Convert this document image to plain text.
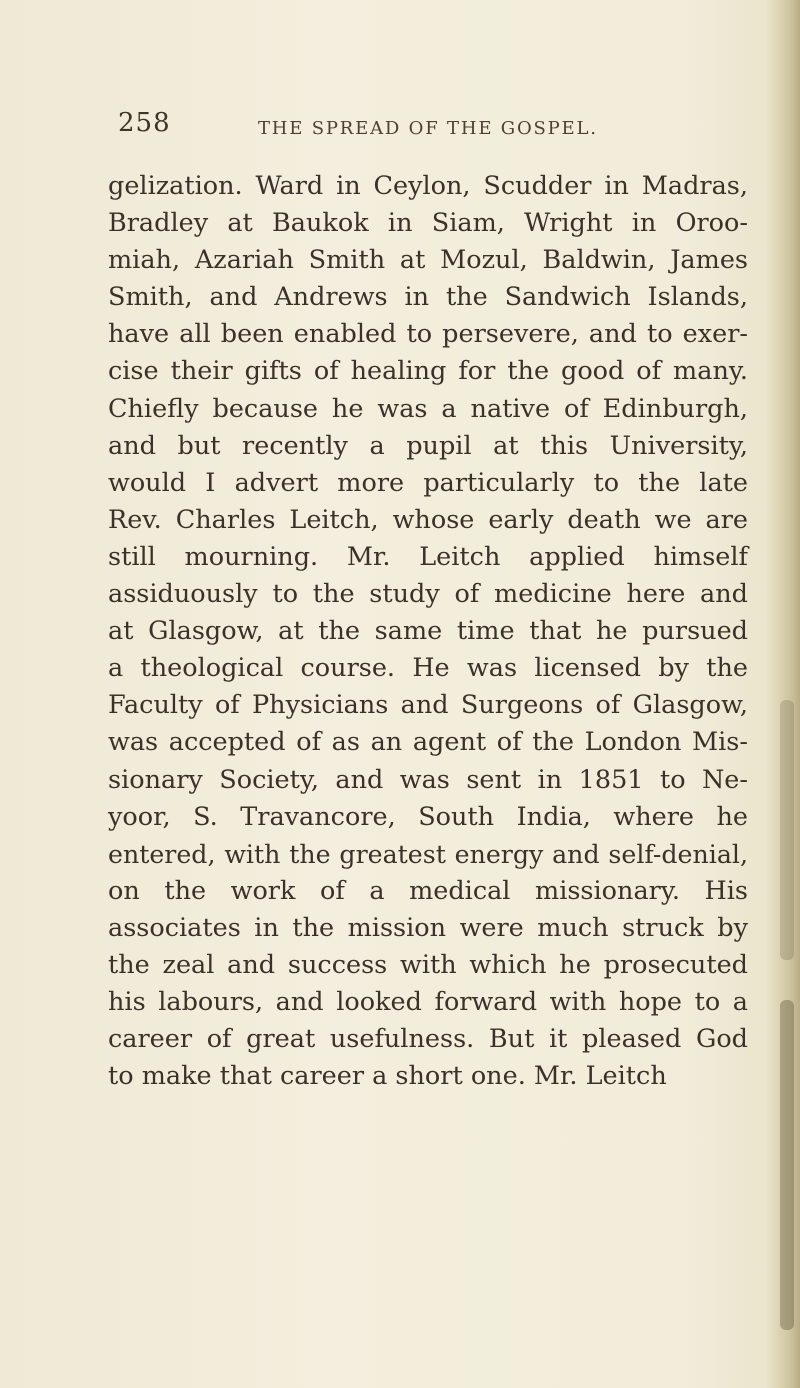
258	THE SPREAD OF THE GOSPEL.
gelization. Ward in Ceylon, Scudder in Madras,
Bradley at Baukok in Siam, Wright in Oroo-
miah, Azariah Smith at Mozul, Baldwin, James
Smith, and Andrews in the Sandwich Islands,
have all been enabled to persevere, and to exer-
cise their gifts of healing for the good of many.
Chiefly because he was a native of Edinburgh,
and but recently a pupil at this University,
would I advert more particularly to the late
Rev. Charles Leitch, whose early death we are
still mourning. Mr. Leitch applied himself
assiduously to the study of medicine here and
at Glasgow, at the same time that he pursued
a theological course. He was licensed by the
Faculty of Physicians and Surgeons of Glasgow,
was accepted of as an agent of the London Mis-
sionary Society, and was sent in 1851 to Ne-
yoor, S. Travancore, South India, where he
entered, with the greatest energy and self-denial,
on the work of a medical missionary. His
associates in the mission were much struck by
the zeal and success with which he prosecuted
his labours, and looked forward with hope to a
career of great usefulness. But it pleased God
to make that career a short one. Mr. Leitch
